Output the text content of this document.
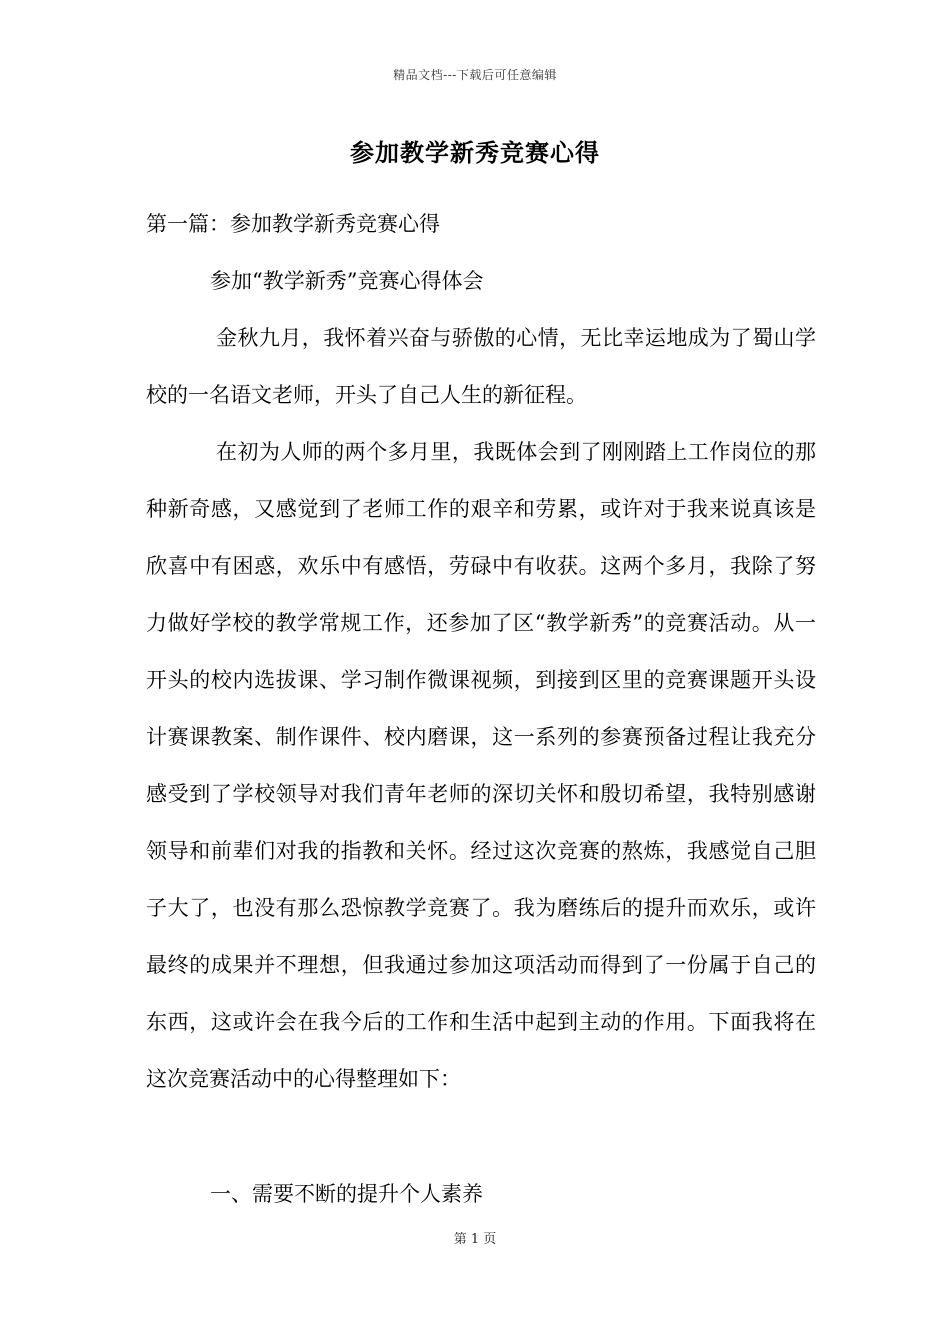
精品文档---下载后可任意编辑
参加教学新秀竞赛心得
第一篇：参加教学新秀竞赛心得
参加“教学新秀”竞赛心得体会
金秋九月，我怀着兴奋与骄傲的心情，无比幸运地成为了蜀山学校的一名语文老师，开头了自己人生的新征程。
在初为人师的两个多月里，我既体会到了刚刚踏上工作岗位的那种新奇感，又感觉到了老师工作的艰辛和劳累，或许对于我来说真该是欣喜中有困惑，欢乐中有感悟，劳碌中有收获。这两个多月，我除了努力做好学校的教学常规工作，还参加了区“教学新秀”的竞赛活动。从一开头的校内选拔课、学习制作微课视频，到接到区里的竞赛课题开头设计赛课教案、制作课件、校内磨课，这一系列的参赛预备过程让我充分感受到了学校领导对我们青年老师的深切关怀和殷切希望，我特别感谢领导和前辈们对我的指教和关怀。经过这次竞赛的熬炼，我感觉自己胆子大了，也没有那么恐惊教学竞赛了。我为磨练后的提升而欢乐，或许最终的成果并不理想，但我通过参加这项活动而得到了一份属于自己的东西，这或许会在我今后的工作和生活中起到主动的作用。下面我将在这次竞赛活动中的心得整理如下：
一、需要不断的提升个人素养
第 1 页
